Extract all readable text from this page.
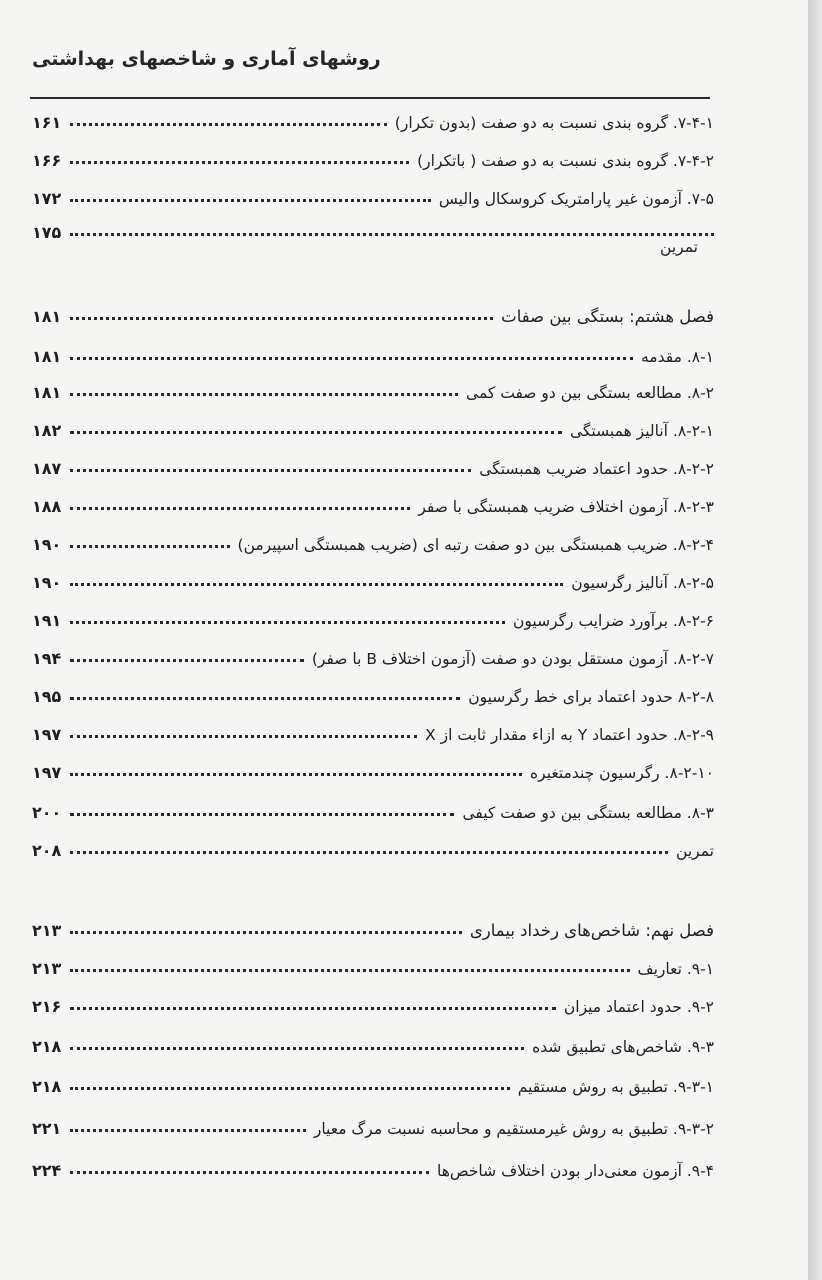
روشهای آماری و شاخصهای بهداشتی
۷-۴-۱. گروه بندی نسبت به دو صفت (بدون تکرار)
۱۶۱
۷-۴-۲. گروه بندی نسبت به دو صفت ( باتکرار)
۱۶۶
۷-۵. آزمون غیر پارامتریک کروسکال والیس
۱۷۲
۱۷۵
تمرین
فصل هشتم: بستگی بین صفات
۱۸۱
۸-۱. مقدمه
۱۸۱
۸-۲. مطالعه بستگی بین دو صفت کمی
۱۸۱
۸-۲-۱. آنالیز همبستگی
۱۸۲
۸-۲-۲. حدود اعتماد ضریب همبستگی
۱۸۷
۸-۲-۳. آزمون اختلاف ضریب همبستگی با صفر
۱۸۸
۸-۲-۴. ضریب همبستگی بین دو صفت رتبه ای (ضریب همبستگی اسپیرمن)
۱۹۰
۸-۲-۵. آنالیز رگرسیون
۱۹۰
۸-۲-۶. برآورد ضرایب رگرسیون
۱۹۱
۸-۲-۷. آزمون مستقل بودن دو صفت (آزمون اختلاف B با صفر)
۱۹۴
۸-۲-۸ حدود اعتماد برای خط رگرسیون
۱۹۵
۸-۲-۹. حدود اعتماد Y به ازاء مقدار ثابت از X
۱۹۷
۸-۲-۱۰. رگرسیون چندمتغیره
۱۹۷
۸-۳. مطالعه بستگی بین دو صفت کیفی
۲۰۰
تمرین
۲۰۸
فصل نهم: شاخص‌های رخداد بیماری
۲۱۳
۹-۱. تعاریف
۲۱۳
۹-۲. حدود اعتماد میزان
۲۱۶
۹-۳. شاخص‌های تطبیق شده
۲۱۸
۹-۳-۱. تطبیق به روش مستقیم
۲۱۸
۹-۳-۲. تطبیق به روش غیرمستقیم و محاسبه نسبت مرگ معیار
۲۲۱
۹-۴. آزمون معنی‌دار بودن اختلاف شاخص‌ها
۲۲۴
